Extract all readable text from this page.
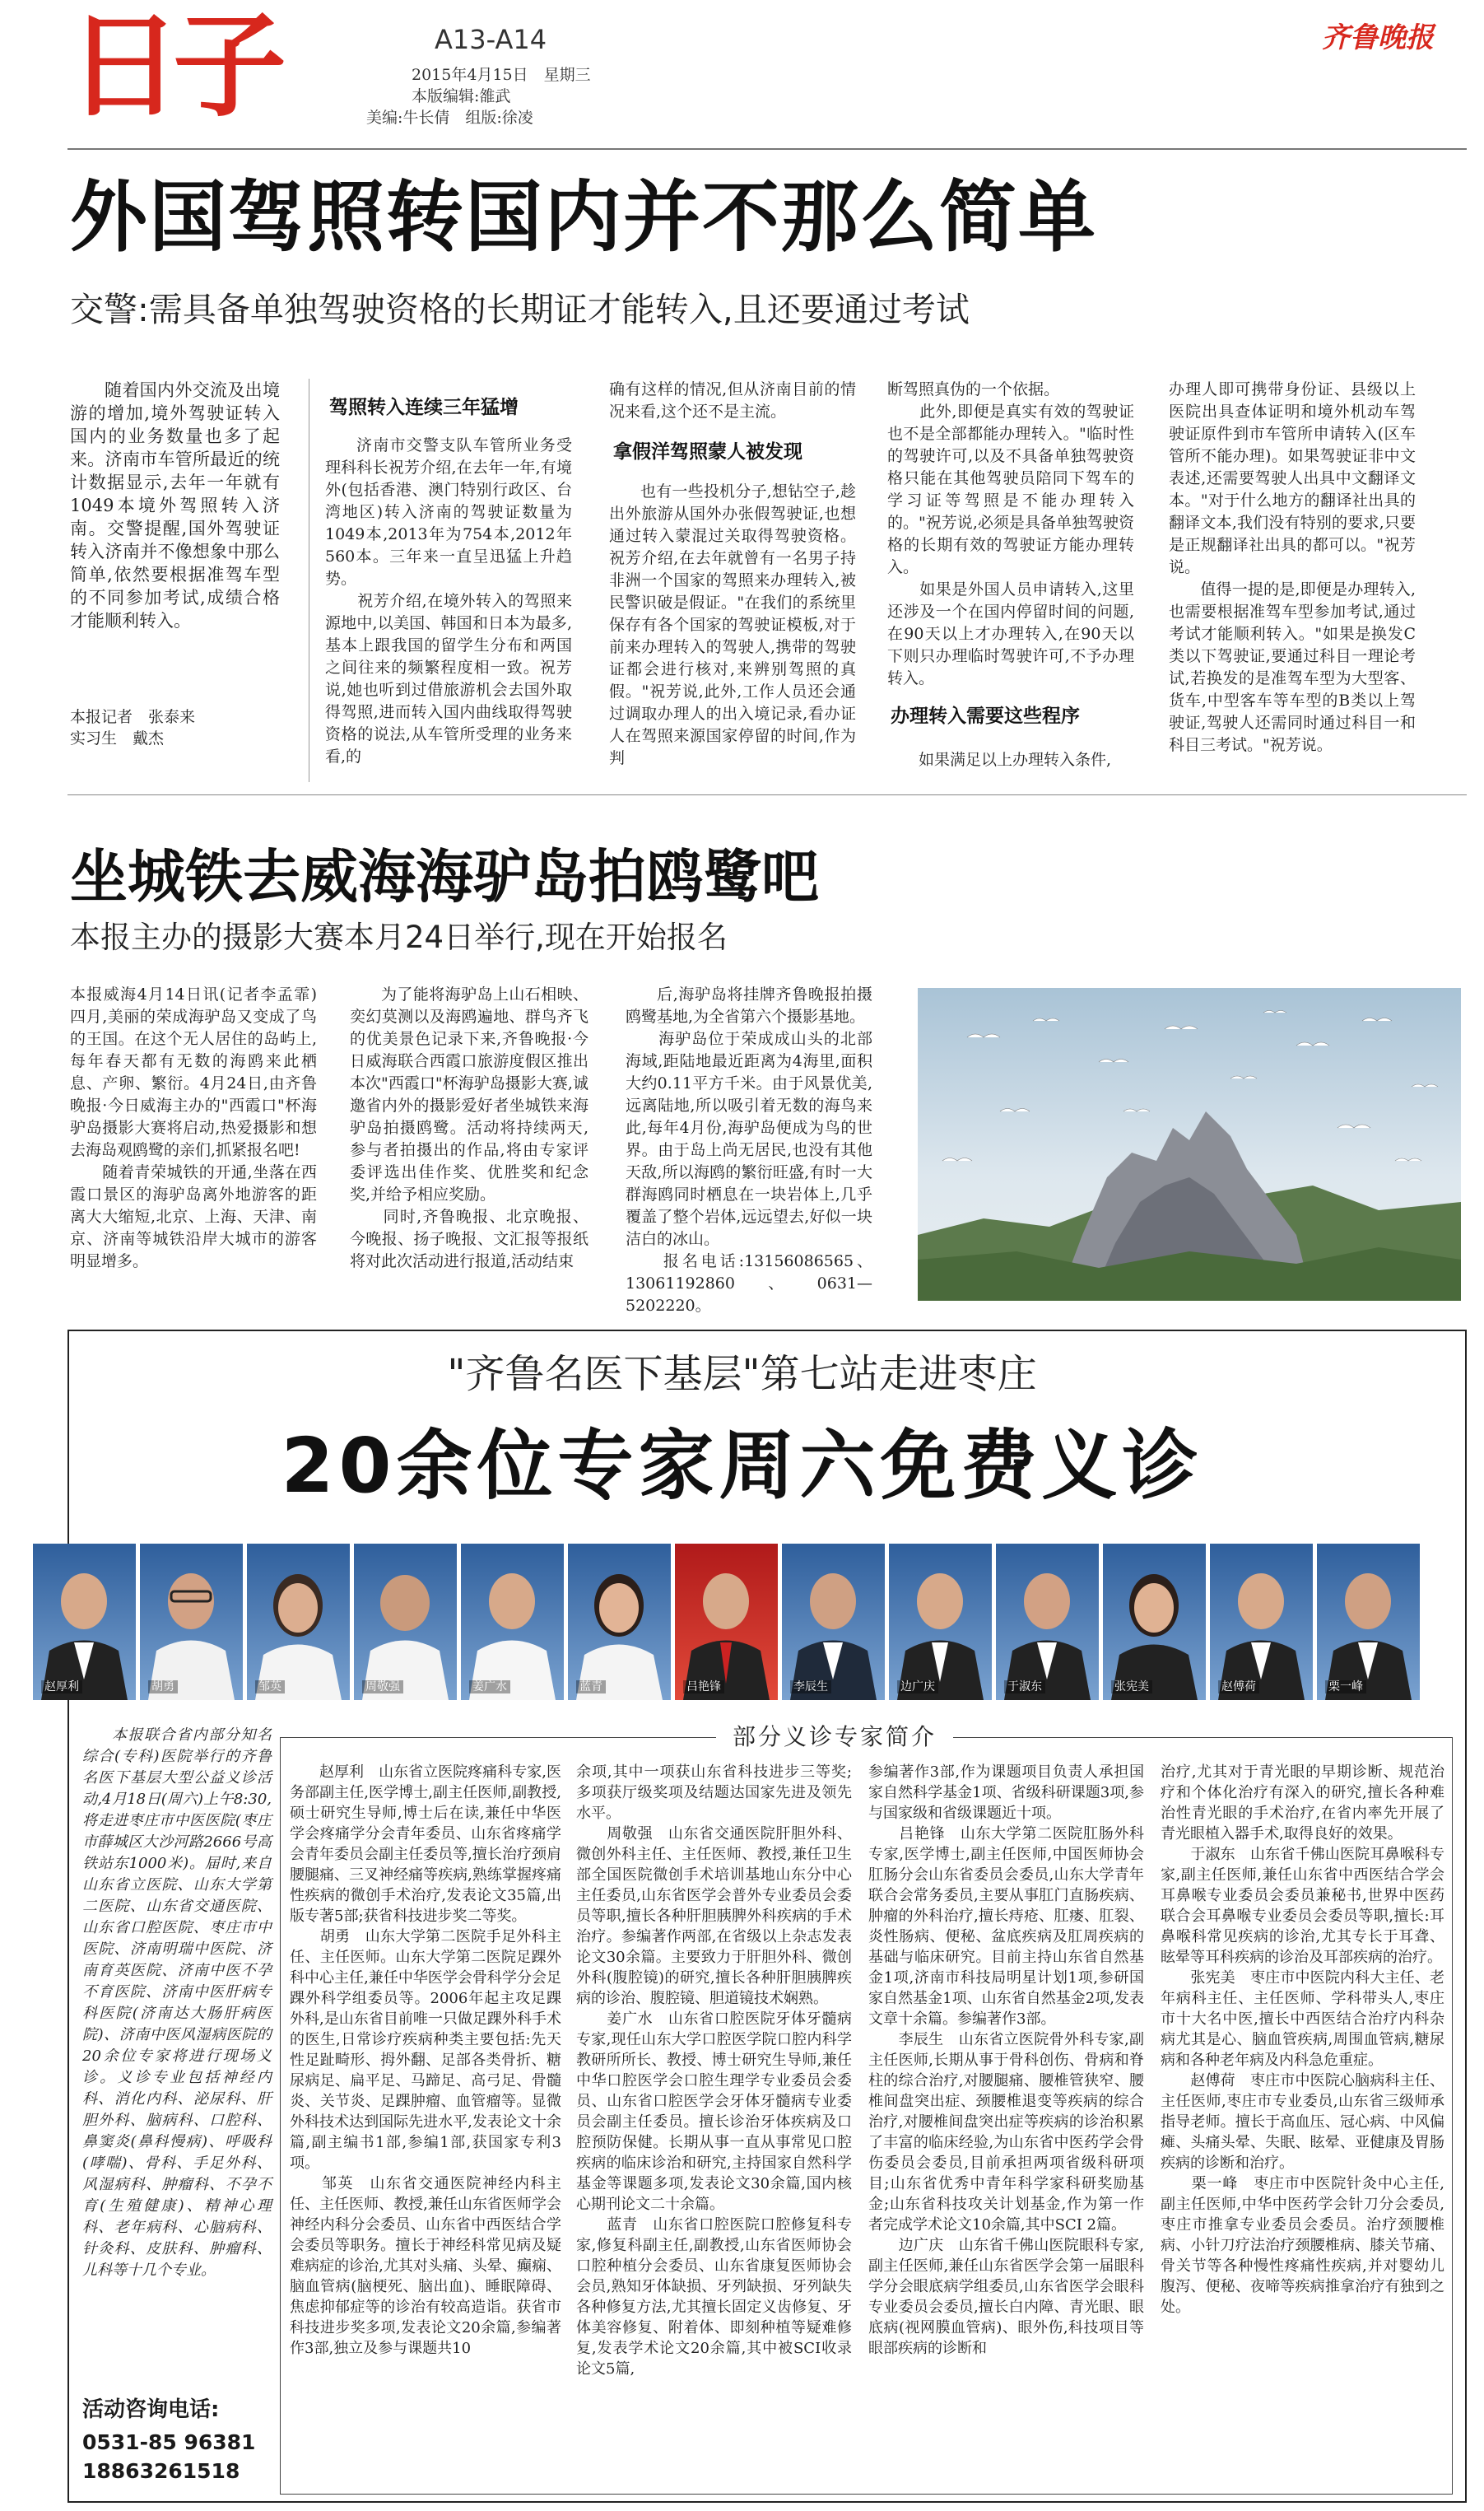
日子	A13-A14
2015年4月15日　星期三
本版编辑:雒武
美编:牛长倩　组版:徐凌
齐鲁晚报
外国驾照转国内并不那么简单
交警:需具备单独驾驶资格的长期证才能转入,且还要通过考试
随着国内外交流及出境游的增加,境外驾驶证转入国内的业务数量也多了起来。济南市车管所最近的统计数据显示,去年一年就有1049本境外驾照转入济南。交警提醒,国外驾驶证转入济南并不像想象中那么简单,依然要根据准驾车型的不同参加考试,成绩合格才能顺利转入。
本报记者　张泰来
实习生　戴杰
驾照转入连续三年猛增
济南市交警支队车管所业务受理科科长祝芳介绍,在去年一年,有境外(包括香港、澳门特别行政区、台湾地区)转入济南的驾驶证数量为1049本,2013年为754本,2012年560本。三年来一直呈迅猛上升趋势。
　　祝芳介绍,在境外转入的驾照来源地中,以美国、韩国和日本为最多,基本上跟我国的留学生分布和两国之间往来的频繁程度相一致。祝芳说,她也听到过借旅游机会去国外取得驾照,进而转入国内曲线取得驾驶资格的说法,从车管所受理的业务来看,的
确有这样的情况,但从济南目前的情况来看,这个还不是主流。
拿假洋驾照蒙人被发现
也有一些投机分子,想钻空子,趁出外旅游从国外办张假驾驶证,也想通过转入蒙混过关取得驾驶资格。祝芳介绍,在去年就曾有一名男子持非洲一个国家的驾照来办理转入,被民警识破是假证。"在我们的系统里保存有各个国家的驾驶证模板,对于前来办理转入的驾驶人,携带的驾驶证都会进行核对,来辨别驾照的真假。"祝芳说,此外,工作人员还会通过调取办理人的出入境记录,看办证人在驾照来源国家停留的时间,作为判
断驾照真伪的一个依据。
　　此外,即便是真实有效的驾驶证也不是全部都能办理转入。"临时性的驾驶许可,以及不具备单独驾驶资格只能在其他驾驶员陪同下驾车的学习证等驾照是不能办理转入的。"祝芳说,必须是具备单独驾驶资格的长期有效的驾驶证方能办理转入。
　　如果是外国人员申请转入,这里还涉及一个在国内停留时间的问题,在90天以上才办理转入,在90天以下则只办理临时驾驶许可,不予办理转入。
办理转入需要这些程序
如果满足以上办理转入条件,
办理人即可携带身份证、县级以上医院出具查体证明和境外机动车驾驶证原件到市车管所申请转入(区车管所不能办理)。如果驾驶证非中文表述,还需要驾驶人出具中文翻译文本。"对于什么地方的翻译社出具的翻译文本,我们没有特别的要求,只要是正规翻译社出具的都可以。"祝芳说。
　　值得一提的是,即便是办理转入,也需要根据准驾车型参加考试,通过考试才能顺利转入。"如果是换发C类以下驾驶证,要通过科目一理论考试,若换发的是准驾车型为大型客、货车,中型客车等车型的B类以上驾驶证,驾驶人还需同时通过科目一和科目三考试。"祝芳说。
坐城铁去威海海驴岛拍鸥鹭吧
本报主办的摄影大赛本月24日举行,现在开始报名
本报威海4月14日讯(记者李孟霏)　四月,美丽的荣成海驴岛又变成了鸟的王国。在这个无人居住的岛屿上,每年春天都有无数的海鸥来此栖息、产卵、繁衍。4月24日,由齐鲁晚报·今日威海主办的"西霞口"杯海驴岛摄影大赛将启动,热爱摄影和想去海岛观鸥鹭的亲们,抓紧报名吧!
　　随着青荣城铁的开通,坐落在西霞口景区的海驴岛离外地游客的距离大大缩短,北京、上海、天津、南京、济南等城铁沿岸大城市的游客明显增多。
为了能将海驴岛上山石相映、奕幻莫测以及海鸥遍地、群鸟齐飞的优美景色记录下来,齐鲁晚报·今日威海联合西霞口旅游度假区推出本次"西霞口"杯海驴岛摄影大赛,诚邀省内外的摄影爱好者坐城铁来海驴岛拍摄鸥鹭。活动将持续两天,参与者拍摄出的作品,将由专家评委评选出佳作奖、优胜奖和纪念奖,并给予相应奖励。
　　同时,齐鲁晚报、北京晚报、今晚报、扬子晚报、文汇报等报纸将对此次活动进行报道,活动结束
后,海驴岛将挂牌齐鲁晚报拍摄鸥鹭基地,为全省第六个摄影基地。
　　海驴岛位于荣成成山头的北部海域,距陆地最近距离为4海里,面积大约0.11平方千米。由于风景优美,远离陆地,所以吸引着无数的海鸟来此,每年4月份,海驴岛便成为鸟的世界。由于岛上尚无居民,也没有其他天敌,所以海鸥的繁衍旺盛,有时一大群海鸥同时栖息在一块岩体上,几乎覆盖了整个岩体,远远望去,好似一块洁白的冰山。
　　报名电话:13156086565、13061192860、0631—5202220。
"齐鲁名医下基层"第七站走进枣庄
20余位专家周六免费义诊
赵厚利	胡勇	邹英	周敬强	姜广水	蓝青	吕艳锋	李辰生	边广庆	于淑东	张宪美	赵傅荷	栗一峰
本报联合省内部分知名综合(专科)医院举行的齐鲁名医下基层大型公益义诊活动,4月18日(周六)上午8:30,将走进枣庄市中医医院(枣庄市薛城区大沙河路2666号高铁站东1000米)。届时,来自山东省立医院、山东大学第二医院、山东省交通医院、山东省口腔医院、枣庄市中医院、济南明瑞中医院、济南育英医院、济南中医不孕不育医院、济南中医肝病专科医院(济南达大肠肝病医院)、济南中医风湿病医院的20余位专家将进行现场义诊。义诊专业包括神经内科、消化内科、泌尿科、肝胆外科、脑病科、口腔科、鼻窦炎(鼻科慢病)、呼吸科(哮喘)、骨科、手足外科、风湿病科、肿瘤科、不孕不育(生殖健康)、精神心理科、老年病科、心脑病科、针灸科、皮肤科、肿瘤科、儿科等十几个专业。
活动咨询电话:
0531-85 96381
18863261518
部分义诊专家简介
赵厚利　山东省立医院疼痛科专家,医务部副主任,医学博士,副主任医师,副教授,硕士研究生导师,博士后在读,兼任中华医学会疼痛学分会青年委员、山东省疼痛学会青年委员会副主任委员等,擅长治疗颈肩腰腿痛、三叉神经痛等疾病,熟练掌握疼痛性疾病的微创手术治疗,发表论文35篇,出版专著5部;获省科技进步奖二等奖。
　　胡勇　山东大学第二医院手足外科主任、主任医师。山东大学第二医院足踝外科中心主任,兼任中华医学会骨科学分会足踝外科学组委员等。2006年起主攻足踝外科,是山东省目前唯一只做足踝外科手术的医生,日常诊疗疾病种类主要包括:先天性足趾畸形、拇外翻、足部各类骨折、糖尿病足、扁平足、马蹄足、高弓足、骨髓炎、关节炎、足踝肿瘤、血管瘤等。显微外科技术达到国际先进水平,发表论文十余篇,副主编书1部,参编1部,获国家专利3项。
　　邹英　山东省交通医院神经内科主任、主任医师、教授,兼任山东省医师学会神经内科分会委员、山东省中西医结合学会委员等职务。擅长于神经科常见病及疑难病症的诊治,尤其对头痛、头晕、癫痫、脑血管病(脑梗死、脑出血)、睡眠障碍、焦虑抑郁症等的诊治有较高造诣。获省市科技进步奖多项,发表论文20余篇,参编著作3部,独立及参与课题共10
余项,其中一项获山东省科技进步三等奖;多项获厅级奖项及结题达国家先进及领先水平。
　　周敬强　山东省交通医院肝胆外科、微创外科主任、主任医师、教授,兼任卫生部全国医院微创手术培训基地山东分中心主任委员,山东省医学会普外专业委员会委员等职,擅长各种肝胆胰脾外科疾病的手术治疗。参编著作两部,在省级以上杂志发表论文30余篇。主要致力于肝胆外科、微创外科(腹腔镜)的研究,擅长各种肝胆胰脾疾病的诊治、腹腔镜、胆道镜技术娴熟。
　　姜广水　山东省口腔医院牙体牙髓病专家,现任山东大学口腔医学院口腔内科学教研所所长、教授、博士研究生导师,兼任中华口腔医学会口腔生理学专业委员会委员、山东省口腔医学会牙体牙髓病专业委员会副主任委员。擅长诊治牙体疾病及口腔预防保健。长期从事一直从事常见口腔疾病的临床诊治和研究,主持国家自然科学基金等课题多项,发表论文30余篇,国内核心期刊论文二十余篇。
　　蓝青　山东省口腔医院口腔修复科专家,修复科副主任,副教授,山东省医师协会口腔种植分会委员、山东省康复医师协会会员,熟知牙体缺损、牙列缺损、牙列缺失各种修复方法,尤其擅长固定义齿修复、牙体美容修复、附着体、即刻种植等疑难修复,发表学术论文20余篇,其中被SCI收录论文5篇,
参编著作3部,作为课题项目负责人承担国家自然科学基金1项、省级科研课题3项,参与国家级和省级课题近十项。
　　吕艳锋　山东大学第二医院肛肠外科专家,医学博士,副主任医师,中国医师协会肛肠分会山东省委员会委员,山东大学青年联合会常务委员,主要从事肛门直肠疾病、肿瘤的外科治疗,擅长痔疮、肛瘘、肛裂、炎性肠病、便秘、盆底疾病及肛周疾病的基础与临床研究。目前主持山东省自然基金1项,济南市科技局明星计划1项,参研国家自然基金1项、山东省自然基金2项,发表文章十余篇。参编著作3部。
　　李辰生　山东省立医院骨外科专家,副主任医师,长期从事于骨科创伤、骨病和脊柱的综合治疗,对腰腿痛、腰椎管狭窄、腰椎间盘突出症、颈腰椎退变等疾病的综合治疗,对腰椎间盘突出症等疾病的诊治积累了丰富的临床经验,为山东省中医药学会骨伤委员会委员,目前承担两项省级科研项目;山东省优秀中青年科学家科研奖励基金;山东省科技攻关计划基金,作为第一作者完成学术论文10余篇,其中SCI 2篇。
　　边广庆　山东省千佛山医院眼科专家,副主任医师,兼任山东省医学会第一届眼科学分会眼底病学组委员,山东省医学会眼科专业委员会委员,擅长白内障、青光眼、眼底病(视网膜血管病)、眼外伤,科技项目等眼部疾病的诊断和
治疗,尤其对于青光眼的早期诊断、规范治疗和个体化治疗有深入的研究,擅长各种难治性青光眼的手术治疗,在省内率先开展了青光眼植入器手术,取得良好的效果。
　　于淑东　山东省千佛山医院耳鼻喉科专家,副主任医师,兼任山东省中西医结合学会耳鼻喉专业委员会委员兼秘书,世界中医药联合会耳鼻喉专业委员会委员等职,擅长:耳鼻喉科常见疾病的诊治,尤其专长于耳聋、眩晕等耳科疾病的诊治及耳部疾病的治疗。
　　张宪美　枣庄市中医院内科大主任、老年病科主任、主任医师、学科带头人,枣庄市十大名中医,擅长中西医结合治疗内科杂病尤其是心、脑血管疾病,周围血管病,糖尿病和各种老年病及内科急危重症。
　　赵傅荷　枣庄市中医院心脑病科主任、主任医师,枣庄市专业委员,山东省三级师承指导老师。擅长于高血压、冠心病、中风偏瘫、头痛头晕、失眠、眩晕、亚健康及胃肠疾病的诊断和治疗。
　　栗一峰　枣庄市中医院针灸中心主任,副主任医师,中华中医药学会针刀分会委员,枣庄市推拿专业委员会委员。治疗颈腰椎病、小针刀疗法治疗颈腰椎病、膝关节痛、骨关节等各种慢性疼痛性疾病,并对婴幼儿腹泻、便秘、夜啼等疾病推拿治疗有独到之处。
